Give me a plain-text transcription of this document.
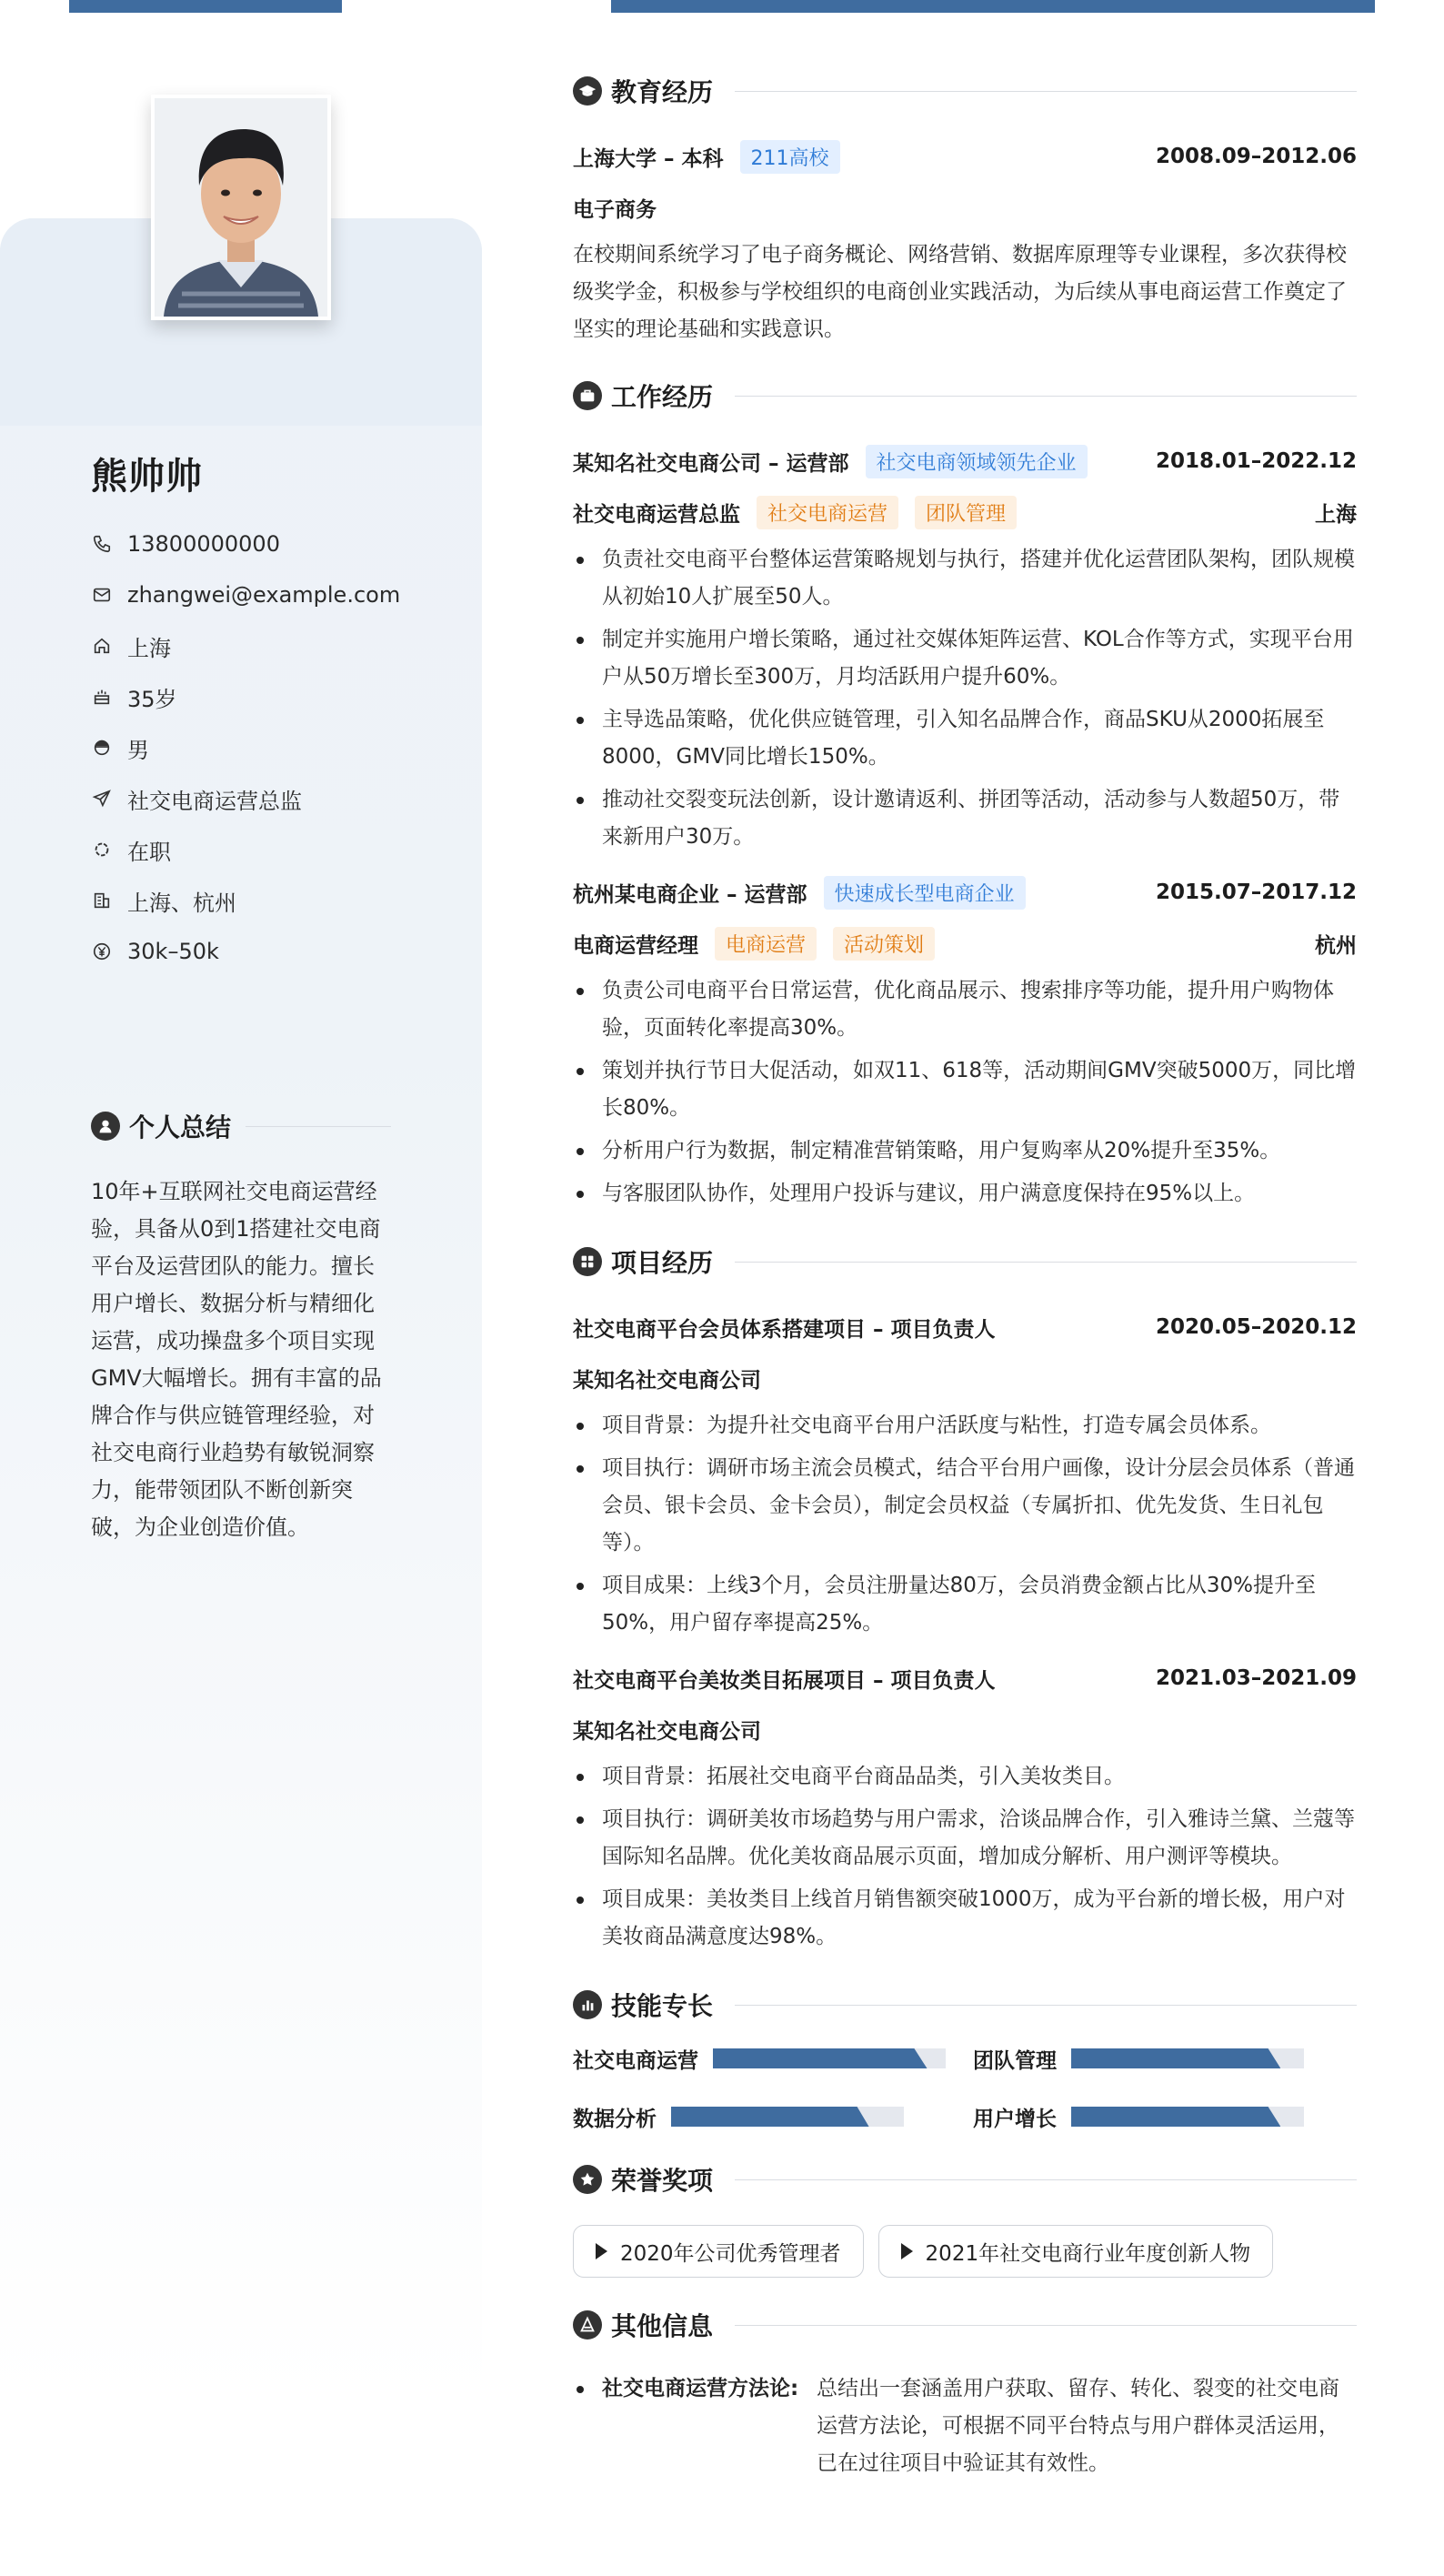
熊帅帅
13800000000
zhangwei@example.com
上海
35岁
男
社交电商运营总监
在职
上海、杭州
30k–50k
个人总结
10年+互联网社交电商运营经验，具备从0到1搭建社交电商平台及运营团队的能力。擅长用户增长、数据分析与精细化运营，成功操盘多个项目实现GMV大幅增长。拥有丰富的品牌合作与供应链管理经验，对社交电商行业趋势有敏锐洞察力，能带领团队不断创新突破，为企业创造价值。
教育经历
上海大学 – 本科	211高校	2008.09–2012.06
电子商务
在校期间系统学习了电子商务概论、网络营销、数据库原理等专业课程，多次获得校级奖学金，积极参与学校组织的电商创业实践活动，为后续从事电商运营工作奠定了坚实的理论基础和实践意识。
工作经历
某知名社交电商公司 – 运营部	社交电商领域领先企业	2018.01–2022.12
社交电商运营总监	社交电商运营	团队管理	上海
负责社交电商平台整体运营策略规划与执行，搭建并优化运营团队架构，团队规模从初始10人扩展至50人。
制定并实施用户增长策略，通过社交媒体矩阵运营、KOL合作等方式，实现平台用户从50万增长至300万，月均活跃用户提升60%。
主导选品策略，优化供应链管理，引入知名品牌合作，商品SKU从2000拓展至8000，GMV同比增长150%。
推动社交裂变玩法创新，设计邀请返利、拼团等活动，活动参与人数超50万，带来新用户30万。
杭州某电商企业 – 运营部	快速成长型电商企业	2015.07–2017.12
电商运营经理	电商运营	活动策划	杭州
负责公司电商平台日常运营，优化商品展示、搜索排序等功能，提升用户购物体验，页面转化率提高30%。
策划并执行节日大促活动，如双11、618等，活动期间GMV突破5000万，同比增长80%。
分析用户行为数据，制定精准营销策略，用户复购率从20%提升至35%。
与客服团队协作，处理用户投诉与建议，用户满意度保持在95%以上。
项目经历
社交电商平台会员体系搭建项目 – 项目负责人	2020.05–2020.12
某知名社交电商公司
项目背景：为提升社交电商平台用户活跃度与粘性，打造专属会员体系。
项目执行：调研市场主流会员模式，结合平台用户画像，设计分层会员体系（普通会员、银卡会员、金卡会员），制定会员权益（专属折扣、优先发货、生日礼包等）。
项目成果：上线3个月，会员注册量达80万，会员消费金额占比从30%提升至50%，用户留存率提高25%。
社交电商平台美妆类目拓展项目 – 项目负责人	2021.03–2021.09
某知名社交电商公司
项目背景：拓展社交电商平台商品品类，引入美妆类目。
项目执行：调研美妆市场趋势与用户需求，洽谈品牌合作，引入雅诗兰黛、兰蔻等国际知名品牌。优化美妆商品展示页面，增加成分解析、用户测评等模块。
项目成果：美妆类目上线首月销售额突破1000万，成为平台新的增长极，用户对美妆商品满意度达98%。
技能专长
社交电商运营	团队管理
数据分析	用户增长
荣誉奖项
2020年公司优秀管理者	2021年社交电商行业年度创新人物
其他信息
社交电商运营方法论: 总结出一套涵盖用户获取、留存、转化、裂变的社交电商运营方法论，可根据不同平台特点与用户群体灵活运用，已在过往项目中验证其有效性。
